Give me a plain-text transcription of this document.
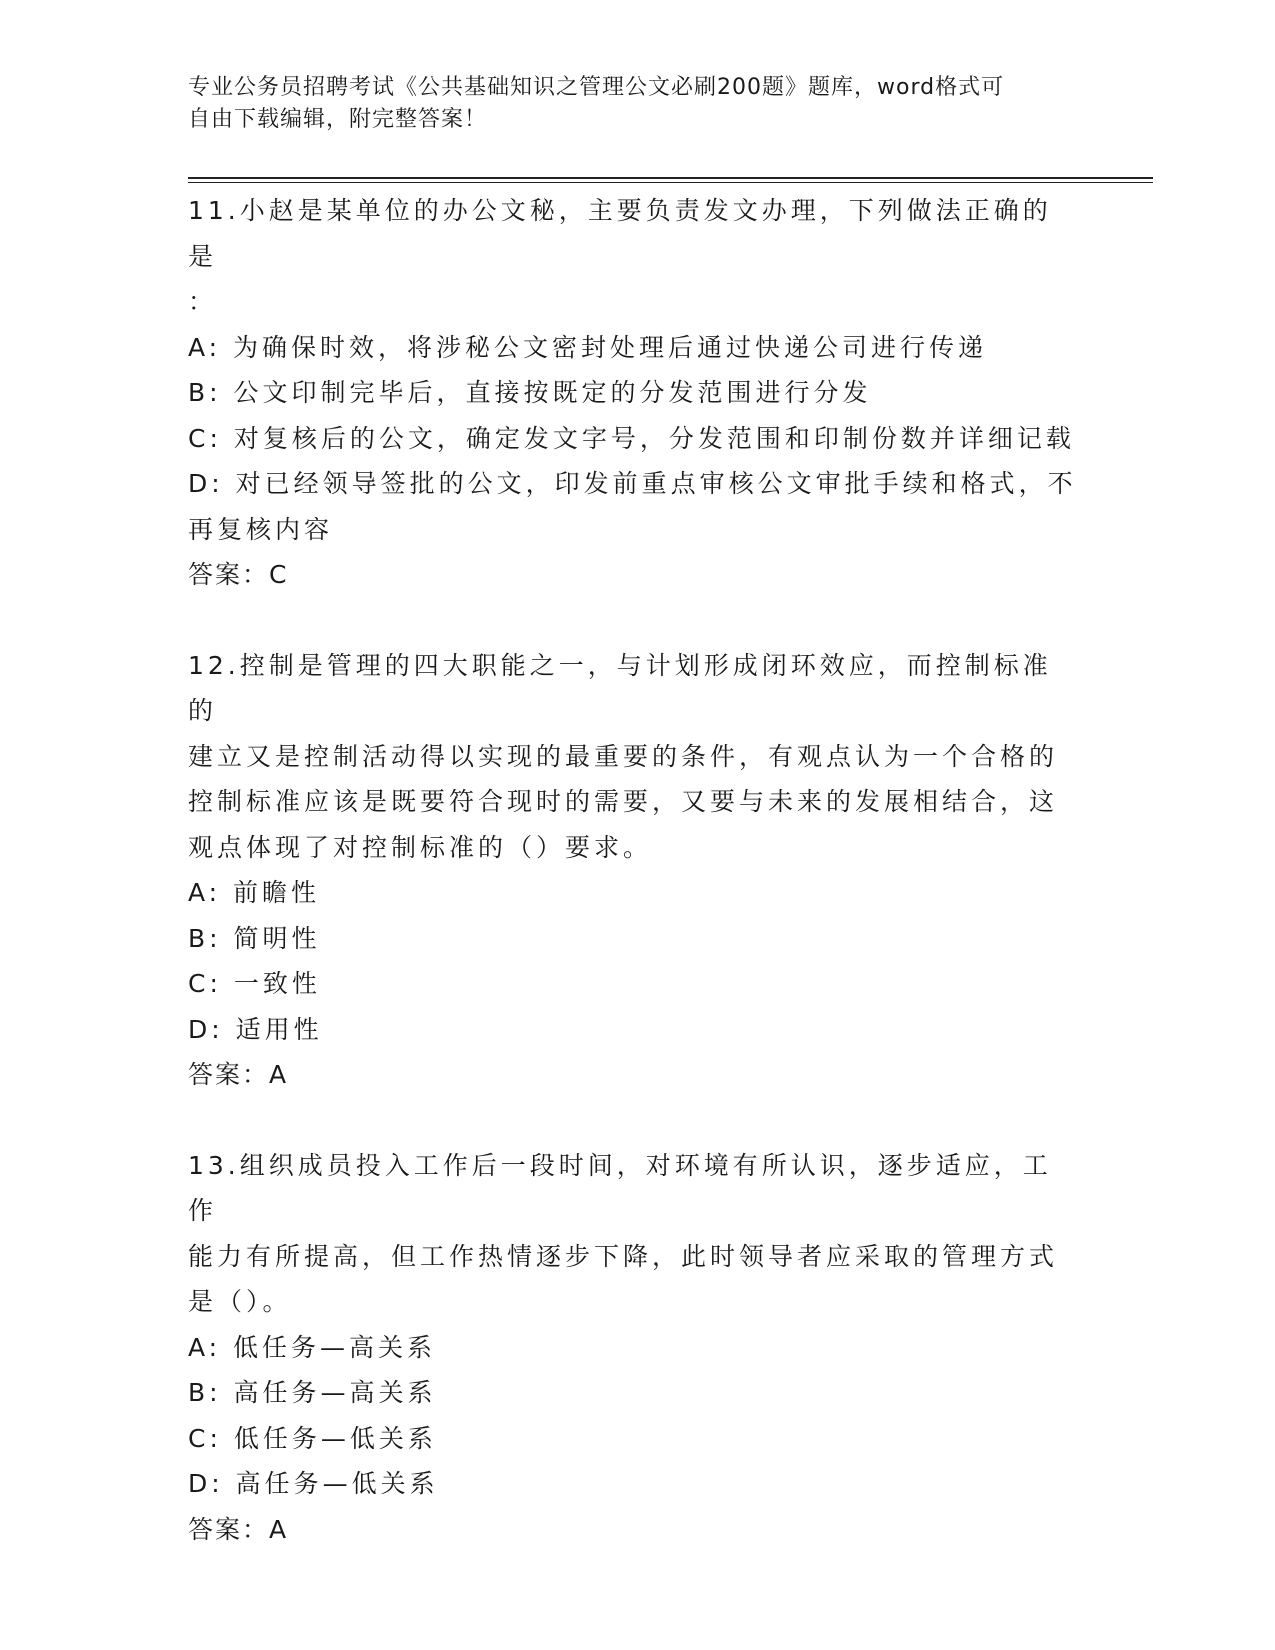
专业公务员招聘考试《公共基础知识之管理公文必刷200题》题库，word格式可
自由下载编辑，附完整答案！
11.小赵是某单位的办公文秘，主要负责发文办理，下列做法正确的是
：
A: 为确保时效，将涉秘公文密封处理后通过快递公司进行传递
B: 公文印制完毕后，直接按既定的分发范围进行分发
C: 对复核后的公文，确定发文字号，分发范围和印制份数并详细记载
D: 对已经领导签批的公文，印发前重点审核公文审批手续和格式，不
再复核内容
答案：C
12.控制是管理的四大职能之一，与计划形成闭环效应，而控制标准的
建立又是控制活动得以实现的最重要的条件，有观点认为一个合格的
控制标准应该是既要符合现时的需要，又要与未来的发展相结合，这
观点体现了对控制标准的（）要求。
A: 前瞻性
B: 简明性
C: 一致性
D: 适用性
答案：A
13.组织成员投入工作后一段时间，对环境有所认识，逐步适应，工作
能力有所提高，但工作热情逐步下降，此时领导者应采取的管理方式
是（）。
A: 低任务—高关系
B: 高任务—高关系
C: 低任务—低关系
D: 高任务—低关系
答案：A
